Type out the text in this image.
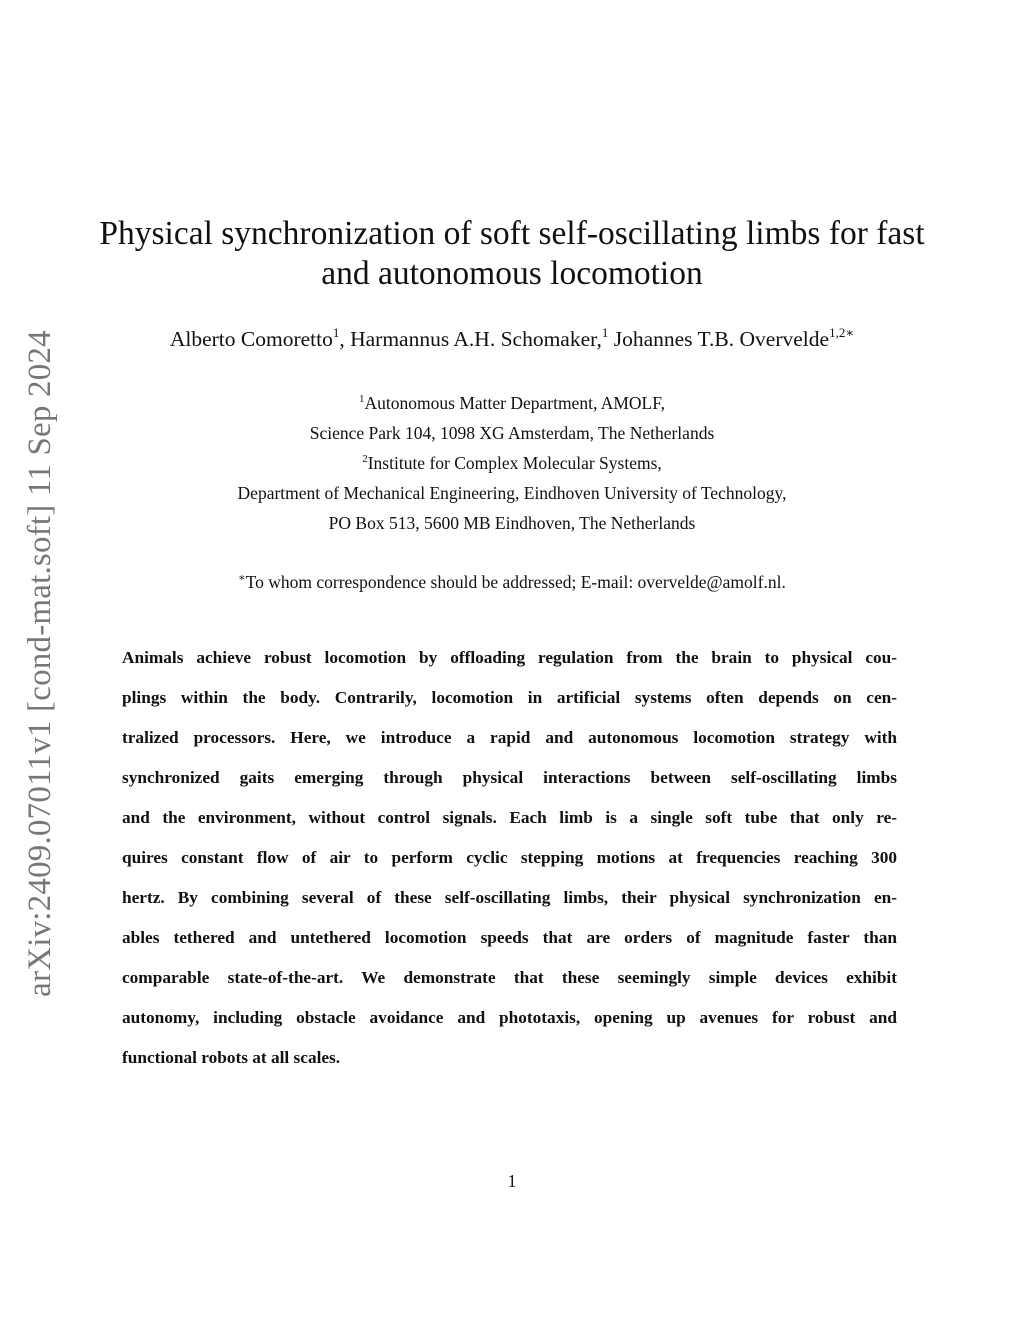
arXiv:2409.07011v1 [cond-mat.soft] 11 Sep 2024
Physical synchronization of soft self-oscillating limbs for fast
and autonomous locomotion
Alberto Comoretto$^1$, Harmannus A.H. Schomaker,$^1$ Johannes T.B. Overvelde$^{1,2∗}$
$^1$Autonomous Matter Department, AMOLF,
Science Park 104, 1098 XG Amsterdam, The Netherlands
$^2$Institute for Complex Molecular Systems,
Department of Mechanical Engineering, Eindhoven University of Technology,
PO Box 513, 5600 MB Eindhoven, The Netherlands
∗To whom correspondence should be addressed; E-mail: overvelde@amolf.nl.
Animals achieve robust locomotion by offloading regulation from the brain to physical cou-
plings within the body. Contrarily, locomotion in artificial systems often depends on cen-
tralized processors. Here, we introduce a rapid and autonomous locomotion strategy with
synchronized gaits emerging through physical interactions between self-oscillating limbs
and the environment, without control signals. Each limb is a single soft tube that only re-
quires constant flow of air to perform cyclic stepping motions at frequencies reaching 300
hertz. By combining several of these self-oscillating limbs, their physical synchronization en-
ables tethered and untethered locomotion speeds that are orders of magnitude faster than
comparable state-of-the-art. We demonstrate that these seemingly simple devices exhibit
autonomy, including obstacle avoidance and phototaxis, opening up avenues for robust and
functional robots at all scales.
1
